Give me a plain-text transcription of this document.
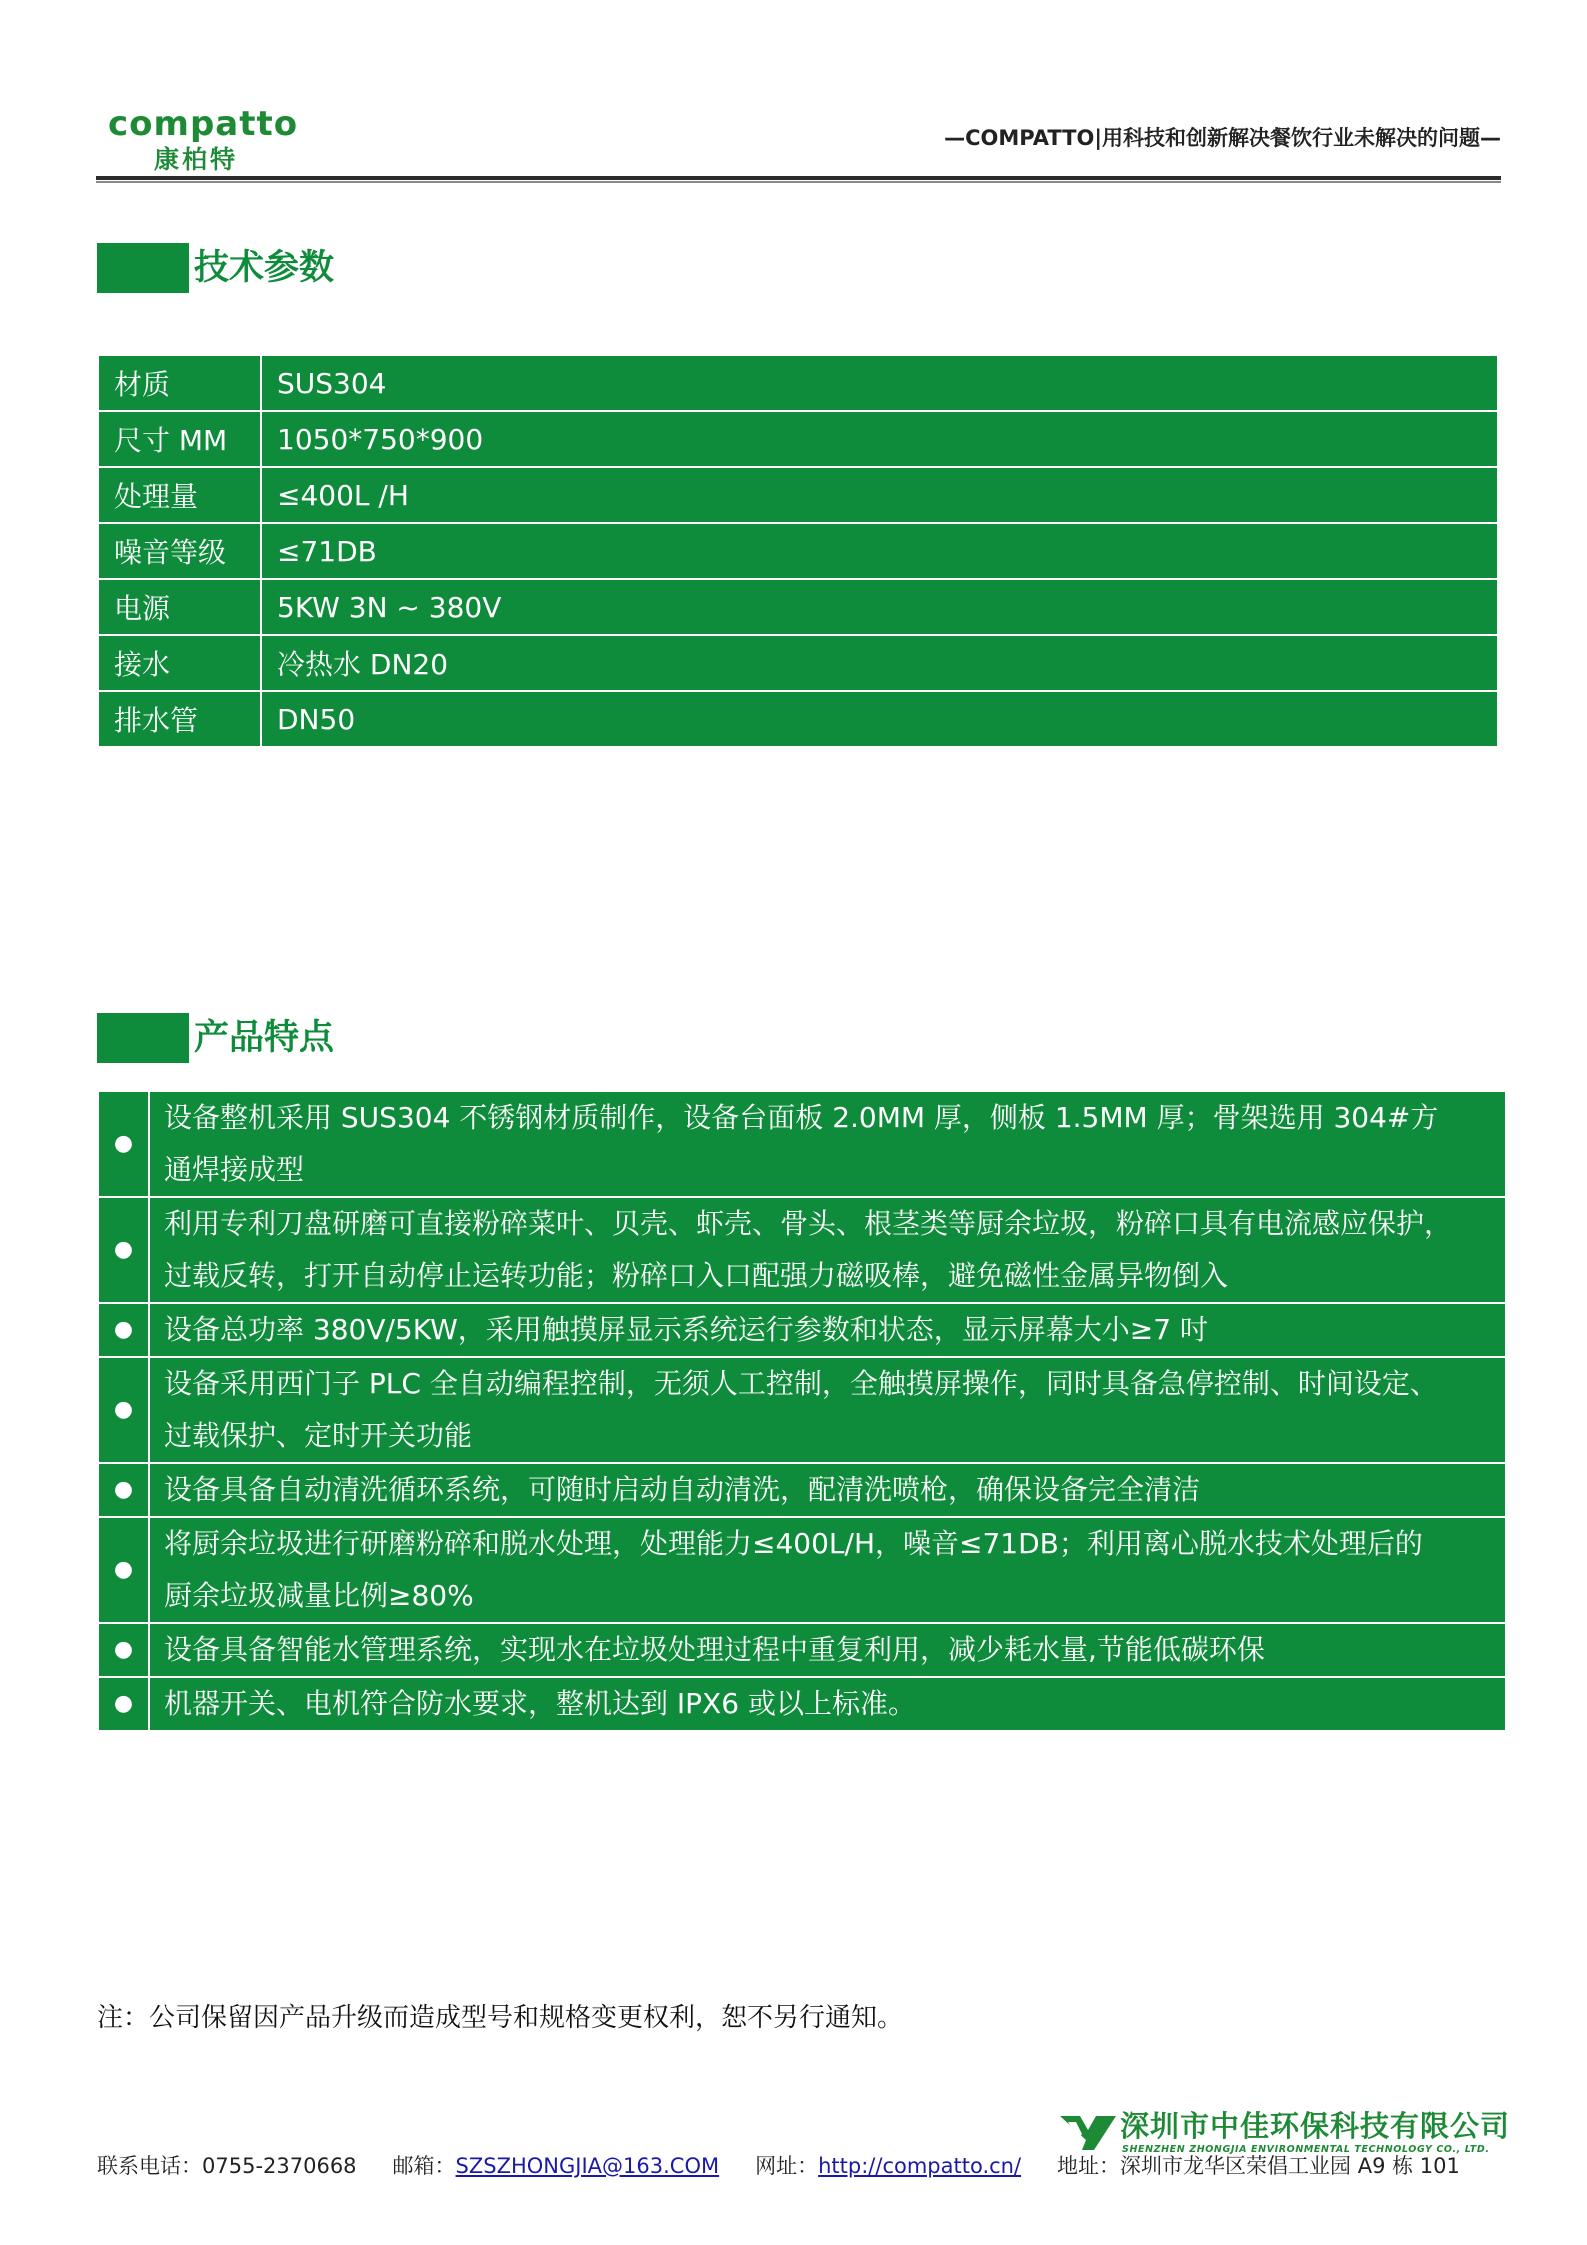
compatto
康柏特
—COMPATTO|用科技和创新解决餐饮行业未解决的问题—
技术参数
材质	SUS304
尺寸 MM	1050*750*900
处理量	≤400L /H
噪音等级	≤71DB
电源	5KW 3N ~ 380V
接水	冷热水 DN20
排水管	DN50
产品特点
●	设备整机采用 SUS304 不锈钢材质制作，设备台面板 2.0MM 厚，侧板 1.5MM 厚；骨架选用 304#方
通焊接成型

●	利用专利刀盘研磨可直接粉碎菜叶、贝壳、虾壳、骨头、根茎类等厨余垃圾，粉碎口具有电流感应保护，
过载反转，打开自动停止运转功能；粉碎口入口配强力磁吸棒，避免磁性金属异物倒入

●	设备总功率 380V/5KW，采用触摸屏显示系统运行参数和状态，显示屏幕大小≥7 吋

●	设备采用西门子 PLC 全自动编程控制，无须人工控制，全触摸屏操作，同时具备急停控制、时间设定、
过载保护、定时开关功能

●	设备具备自动清洗循环系统，可随时启动自动清洗，配清洗喷枪，确保设备完全清洁

●	将厨余垃圾进行研磨粉碎和脱水处理，处理能力≤400L/H，噪音≤71DB；利用离心脱水技术处理后的
厨余垃圾减量比例≥80%

●	设备具备智能水管理系统，实现水在垃圾处理过程中重复利用，减少耗水量,节能低碳环保

●	机器开关、电机符合防水要求，整机达到 IPX6 或以上标准。
注：公司保留因产品升级而造成型号和规格变更权利，恕不另行通知。
深圳市中佳环保科技有限公司
SHENZHEN ZHONGJIA ENVIRONMENTAL TECHNOLOGY CO., LTD.
联系电话：0755-2370668 邮箱：SZSZHONGJIA@163.COM 网址：http://compatto.cn/ 地址：深圳市龙华区荣倡工业园 A9 栋 101
